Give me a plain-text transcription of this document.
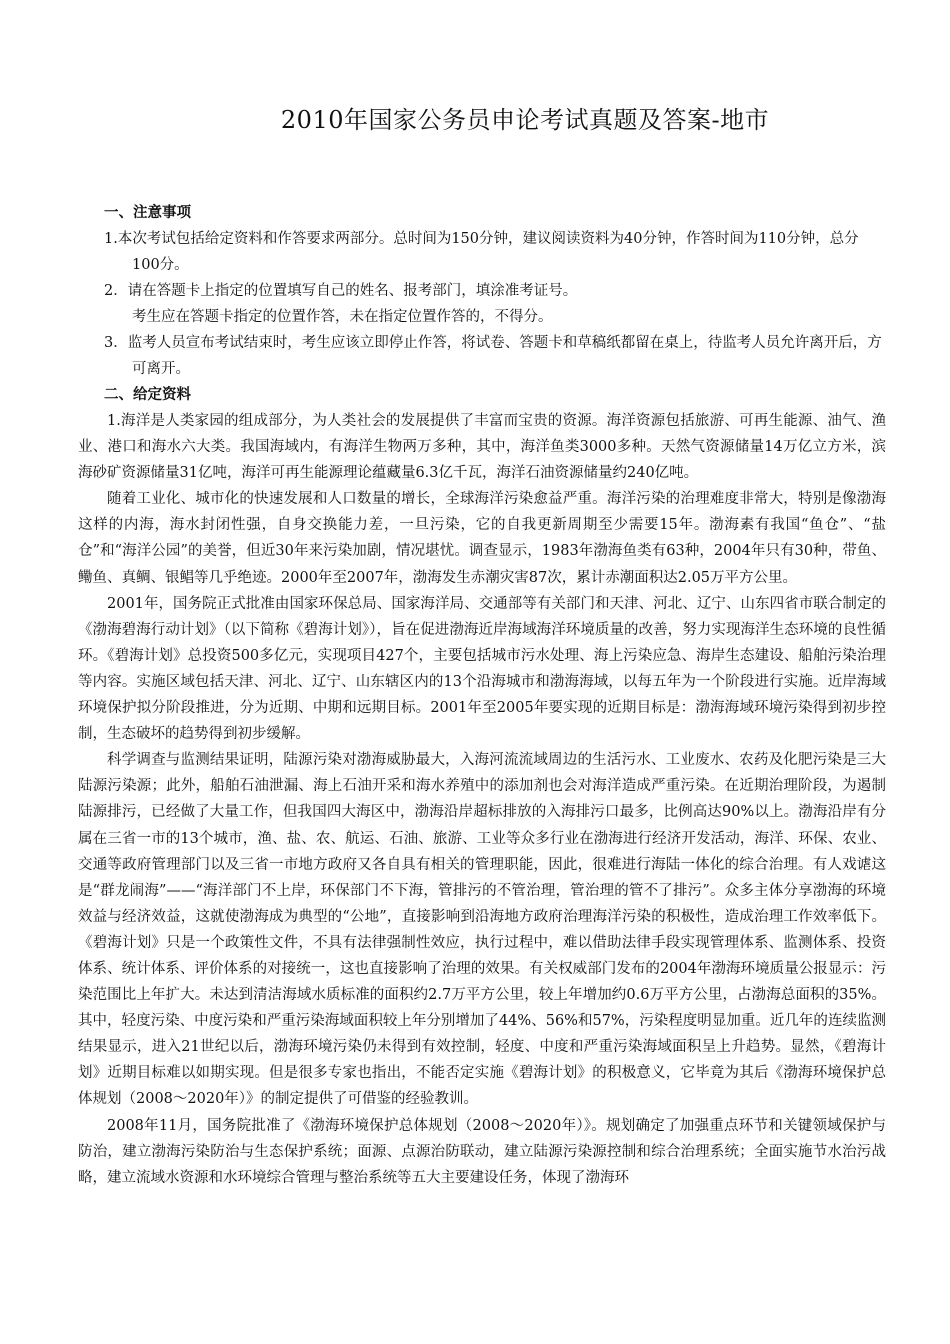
2010年国家公务员申论考试真题及答案-地市
一、注意事项
1.本次考试包括给定资料和作答要求两部分。总时间为150分钟，建议阅读资料为40分钟，作答时间为110分钟，总分100分。
2．请在答题卡上指定的位置填写自己的姓名、报考部门，填涂准考证号。
考生应在答题卡指定的位置作答，未在指定位置作答的，不得分。
3．监考人员宣布考试结束时，考生应该立即停止作答，将试卷、答题卡和草稿纸都留在桌上，待监考人员允许离开后，方可离开。
二、给定资料

1.海洋是人类家园的组成部分，为人类社会的发展提供了丰富而宝贵的资源。海洋资源包括旅游、可再生能源、油气、渔业、港口和海水六大类。我国海域内，有海洋生物两万多种，其中，海洋鱼类3000多种。天然气资源储量14万亿立方米，滨海砂矿资源储量31亿吨，海洋可再生能源理论蕴藏量6.3亿千瓦，海洋石油资源储量约240亿吨。

随着工业化、城市化的快速发展和人口数量的增长，全球海洋污染愈益严重。海洋污染的治理难度非常大，特别是像渤海这样的内海，海水封闭性强，自身交换能力差，一旦污染，它的自我更新周期至少需要15年。渤海素有我国“鱼仓”、“盐仓”和“海洋公园”的美誉，但近30年来污染加剧，情况堪忧。调查显示，1983年渤海鱼类有63种，2004年只有30种，带鱼、鳓鱼、真鲷、银鲳等几乎绝迹。2000年至2007年，渤海发生赤潮灾害87次，累计赤潮面积达2.05万平方公里。

2001年，国务院正式批准由国家环保总局、国家海洋局、交通部等有关部门和天津、河北、辽宁、山东四省市联合制定的《渤海碧海行动计划》（以下简称《碧海计划》），旨在促进渤海近岸海域海洋环境质量的改善，努力实现海洋生态环境的良性循环。《碧海计划》总投资500多亿元，实现项目427个，主要包括城市污水处理、海上污染应急、海岸生态建设、船舶污染治理等内容。实施区域包括天津、河北、辽宁、山东辖区内的13个沿海城市和渤海海域，以每五年为一个阶段进行实施。近岸海域环境保护拟分阶段推进，分为近期、中期和远期目标。2001年至2005年要实现的近期目标是：渤海海域环境污染得到初步控制，生态破坏的趋势得到初步缓解。

科学调查与监测结果证明，陆源污染对渤海威胁最大，入海河流流域周边的生活污水、工业废水、农药及化肥污染是三大陆源污染源；此外，船舶石油泄漏、海上石油开采和海水养殖中的添加剂也会对海洋造成严重污染。在近期治理阶段，为遏制陆源排污，已经做了大量工作，但我国四大海区中，渤海沿岸超标排放的入海排污口最多，比例高达90%以上。渤海沿岸有分属在三省一市的13个城市，渔、盐、农、航运、石油、旅游、工业等众多行业在渤海进行经济开发活动，海洋、环保、农业、交通等政府管理部门以及三省一市地方政府又各自具有相关的管理职能，因此，很难进行海陆一体化的综合治理。有人戏谑这是“群龙闹海”——“海洋部门不上岸，环保部门不下海，管排污的不管治理，管治理的管不了排污”。众多主体分享渤海的环境效益与经济效益，这就使渤海成为典型的“公地”，直接影响到沿海地方政府治理海洋污染的积极性，造成治理工作效率低下。《碧海计划》只是一个政策性文件，不具有法律强制性效应，执行过程中，难以借助法律手段实现管理体系、监测体系、投资体系、统计体系、评价体系的对接统一，这也直接影响了治理的效果。有关权威部门发布的2004年渤海环境质量公报显示：污染范围比上年扩大。未达到清洁海域水质标准的面积约2.7万平方公里，较上年增加约0.6万平方公里，占渤海总面积的35%。其中，轻度污染、中度污染和严重污染海域面积较上年分别增加了44%、56%和57%，污染程度明显加重。近几年的连续监测结果显示，进入21世纪以后，渤海环境污染仍未得到有效控制，轻度、中度和严重污染海域面积呈上升趋势。显然，《碧海计划》近期目标难以如期实现。但是很多专家也指出，不能否定实施《碧海计划》的积极意义，它毕竟为其后《渤海环境保护总体规划（2008～2020年）》的制定提供了可借鉴的经验教训。

2008年11月，国务院批准了《渤海环境保护总体规划（2008～2020年）》。规划确定了加强重点环节和关键领域保护与防治，建立渤海污染防治与生态保护系统；面源、点源治防联动，建立陆源污染源控制和综合治理系统；全面实施节水治污战略，建立流域水资源和水环境综合管理与整治系统等五大主要建设任务，体现了渤海环
